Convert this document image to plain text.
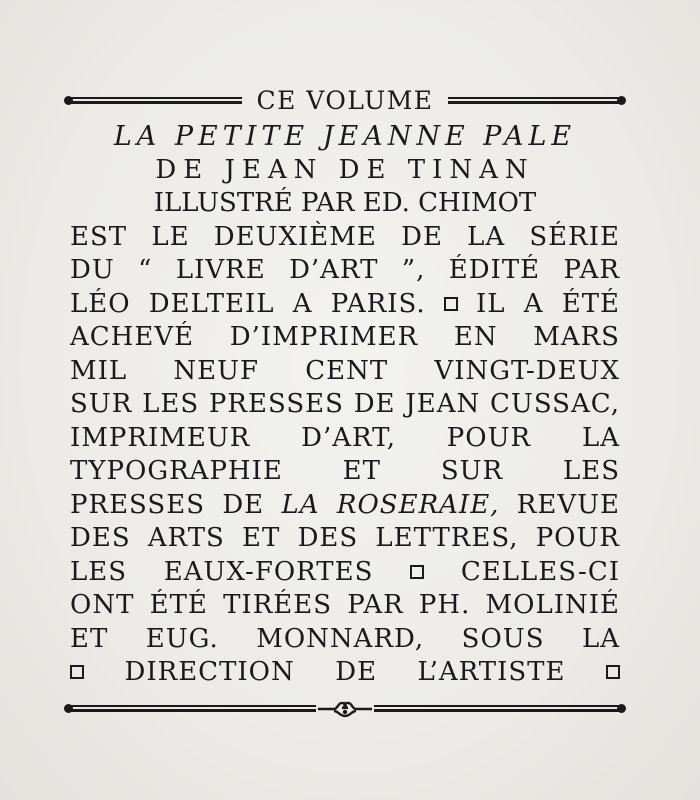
CE VOLUME
LA PETITE JEANNE PALE
DE JEAN DE TINAN
ILLUSTRÉ PAR ED. CHIMOT
EST LE DEUXIÈME DE LA SÉRIE
DU “ LIVRE D’ART ”, ÉDITÉ PAR
LÉO DELTEIL A PARIS. IL A ÉTÉ
ACHEVÉ D’IMPRIMER EN MARS
MIL NEUF CENT VINGT-DEUX
SUR LES PRESSES DE JEAN CUSSAC,
IMPRIMEUR D’ART, POUR LA
TYPOGRAPHIE ET SUR LES
PRESSES DE LA ROSERAIE, REVUE
DES ARTS ET DES LETTRES, POUR
LES EAUX-FORTES	CELLES-CI
ONT ÉTÉ TIRÉES PAR PH. MOLINIÉ
ET EUG. MONNARD, SOUS LA
DIRECTION DE L’ARTISTE
